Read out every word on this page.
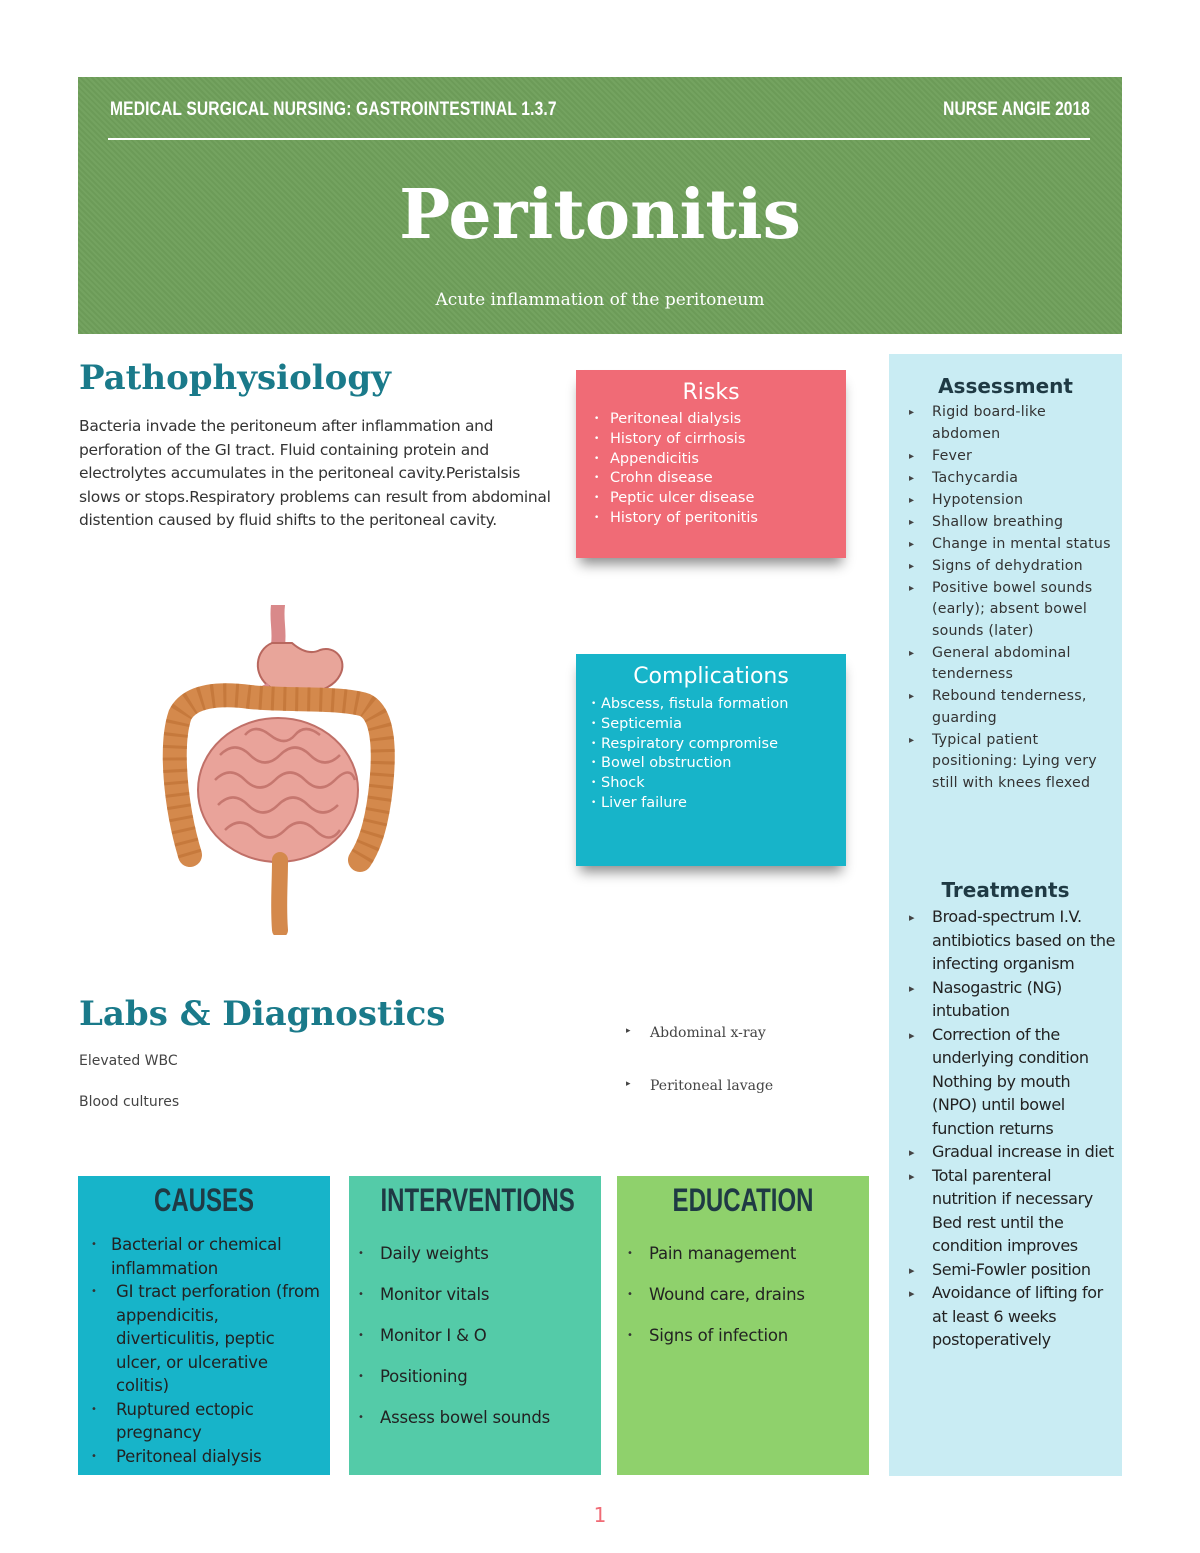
MEDICAL SURGICAL NURSING: GASTROINTESTINAL 1.3.7	NURSE ANGIE 2018
Peritonitis
Acute inflammation of the peritoneum
Pathophysiology
Bacteria invade the peritoneum after inflammation and perforation of the GI tract. Fluid containing protein and electrolytes accumulates in the peritoneal cavity.Peristalsis slows or stops.Respiratory problems can result from abdominal distention caused by fluid shifts to the peritoneal cavity.
Risks
• Peritoneal dialysis
• History of cirrhosis
• Appendicitis
• Crohn disease
• Peptic ulcer disease
• History of peritonitis
Complications
• Abscess, fistula formation
• Septicemia
• Respiratory compromise
• Bowel obstruction
• Shock
• Liver failure
Assessment
▸ Rigid board-like abdomen
▸ Fever
▸ Tachycardia
▸ Hypotension
▸ Shallow breathing
▸ Change in mental status
▸ Signs of dehydration
▸ Positive bowel sounds (early); absent bowel sounds (later)
▸ General abdominal tenderness
▸ Rebound tenderness, guarding
▸ Typical patient positioning: Lying very still with knees flexed
Treatments
▸ Broad-spectrum I.V. antibiotics based on the infecting organism
▸ Nasogastric (NG) intubation
▸ Correction of the underlying condition Nothing by mouth (NPO) until bowel function returns
▸ Gradual increase in diet
▸ Total parenteral nutrition if necessary Bed rest until the condition improves
▸ Semi-Fowler position
▸ Avoidance of lifting for at least 6 weeks postoperatively
Labs & Diagnostics
Elevated WBC
Blood cultures
▸ Abdominal x-ray
▸ Peritoneal lavage
CAUSES
• Bacterial or chemical inflammation
• GI tract perforation (from appendicitis, diverticulitis, peptic ulcer, or ulcerative colitis)
• Ruptured ectopic pregnancy
• Peritoneal dialysis
INTERVENTIONS
• Daily weights
• Monitor vitals
• Monitor I & O
• Positioning
• Assess bowel sounds
EDUCATION
• Pain management
• Wound care, drains
• Signs of infection
1
